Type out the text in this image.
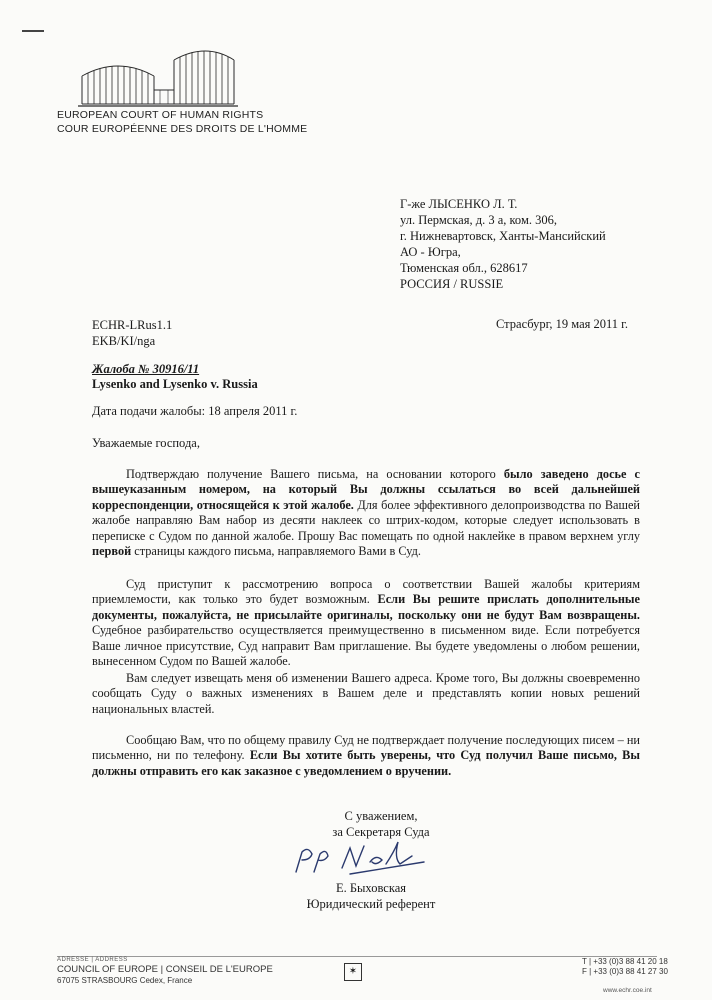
EUROPEAN COURT OF HUMAN RIGHTS
COUR EUROPÉENNE DES DROITS DE L'HOMME
Г-же ЛЫСЕНКО Л. Т.
ул. Пермская, д. 3 а, ком. 306,
г. Нижневартовск, Ханты-Мансийский
АО - Югра,
Тюменская обл., 628617
РОССИЯ / RUSSIE
ECHR-LRus1.1
EKB/KI/nga
Страсбург, 19 мая 2011 г.
Жалоба № 30916/11
Lysenko and Lysenko v. Russia
Дата подачи жалобы: 18 апреля 2011 г.
Уважаемые господа,
Подтверждаю получение Вашего письма, на основании которого было заведено досье с вышеуказанным номером, на который Вы должны ссылаться во всей дальнейшей корреспонденции, относящейся к этой жалобе. Для более эффективного делопроизводства по Вашей жалобе направляю Вам набор из десяти наклеек со штрих-кодом, которые следует использовать в переписке с Судом по данной жалобе. Прошу Вас помещать по одной наклейке в правом верхнем углу первой страницы каждого письма, направляемого Вами в Суд.
Суд приступит к рассмотрению вопроса о соответствии Вашей жалобы критериям приемлемости, как только это будет возможным. Если Вы решите прислать дополнительные документы, пожалуйста, не присылайте оригиналы, поскольку они не будут Вам возвращены. Судебное разбирательство осуществляется преимущественно в письменном виде. Если потребуется Ваше личное присутствие, Суд направит Вам приглашение. Вы будете уведомлены о любом решении, вынесенном Судом по Вашей жалобе.
Вам следует извещать меня об изменении Вашего адреса. Кроме того, Вы должны своевременно сообщать Суду о важных изменениях в Вашем деле и представлять копии новых решений национальных властей.
Сообщаю Вам, что по общему правилу Суд не подтверждает получение последующих писем – ни письменно, ни по телефону. Если Вы хотите быть уверены, что Суд получил Ваше письмо, Вы должны отправить его как заказное с уведомлением о вручении.
С уважением,
за Секретаря Суда
Е. Быховская
Юридический референт
ADRESSE | ADDRESS
COUNCIL OF EUROPE | CONSEIL DE L'EUROPE
67075 STRASBOURG Cedex, France
✶
T | +33 (0)3 88 41 20 18
F | +33 (0)3 88 41 27 30
www.echr.coe.int
